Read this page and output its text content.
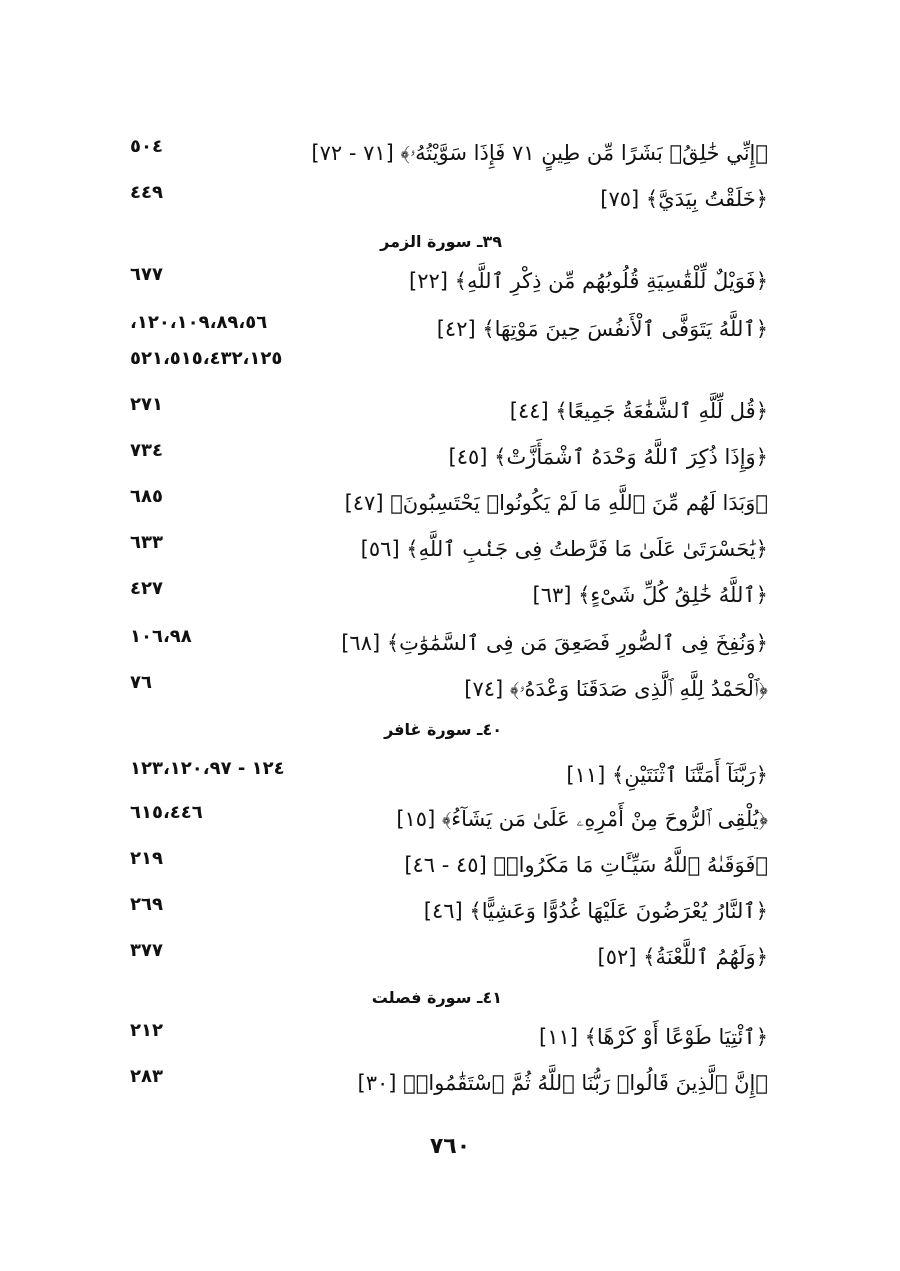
﴿إِنِّي خَٰلِقُۢ بَشَرًا مِّن طِينٍ ٧١ فَإِذَا سَوَّيْتُهُۥ﴾ [٧١ - ٧٢]
٥٠٤
﴿خَلَقْتُ بِيَدَيَّ﴾ [٧٥]
٤٤٩
٣٩ـ سورة الزمر
﴿فَوَيْلٌ لِّلْقَٰسِيَةِ قُلُوبُهُم مِّن ذِكْرِ ٱللَّهِ﴾ [٢٢]
٦٧٧
﴿ٱللَّهُ يَتَوَفَّى ٱلْأَنفُسَ حِينَ مَوْتِهَا﴾ [٤٢]
١٢٠،١٠٩،٨٩،٥٦،
٥٢١،٥١٥،٤٣٢،١٢٥
﴿قُل لِّلَّهِ ٱلشَّفَٰعَةُ جَمِيعًا﴾ [٤٤]
٢٧١
﴿وَإِذَا ذُكِرَ ٱللَّهُ وَحْدَهُ ٱشْمَأَزَّتْ﴾ [٤٥]
٧٣٤
﴿وَبَدَا لَهُم مِّنَ ٱللَّهِ مَا لَمْ يَكُونُوا۟ يَحْتَسِبُونَ﴾ [٤٧]
٦٨٥
﴿يَٰحَسْرَتَىٰ عَلَىٰ مَا فَرَّطتُ فِى جَنۢبِ ٱللَّهِ﴾ [٥٦]
٦٣٣
﴿ٱللَّهُ خَٰلِقُ كُلِّ شَىْءٍ﴾ [٦٣]
٤٢٧
﴿وَنُفِخَ فِى ٱلصُّورِ فَصَعِقَ مَن فِى ٱلسَّمَٰوَٰتِ﴾ [٦٨]
١٠٦،٩٨
﴿ٱلْحَمْدُ لِلَّهِ ٱلَّذِى صَدَقَنَا وَعْدَهُۥ﴾ [٧٤]
٧٦
٤٠ـ سورة غافر
﴿رَبَّنَآ أَمَتَّنَا ٱثْنَتَيْنِ﴾ [١١]
١٢٤ - ١٢٣،١٢٠،٩٧
﴿يُلْقِى ٱلرُّوحَ مِنْ أَمْرِهِۦ عَلَىٰ مَن يَشَآءُ﴾ [١٥]
٦١٥،٤٤٦
﴿فَوَقَىٰهُ ٱللَّهُ سَيِّـَٔاتِ مَا مَكَرُوا۟﴾ [٤٥ - ٤٦]
٢١٩
﴿ٱلنَّارُ يُعْرَضُونَ عَلَيْهَا غُدُوًّا وَعَشِيًّا﴾ [٤٦]
٢٦٩
﴿وَلَهُمُ ٱللَّعْنَةُ﴾ [٥٢]
٣٧٧
٤١ـ سورة فصلت
﴿ٱئْتِيَا طَوْعًا أَوْ كَرْهًا﴾ [١١]
٢١٢
﴿إِنَّ ٱلَّذِينَ قَالُوا۟ رَبُّنَا ٱللَّهُ ثُمَّ ٱسْتَقَٰمُوا۟﴾ [٣٠]
٢٨٣
٧٦٠
